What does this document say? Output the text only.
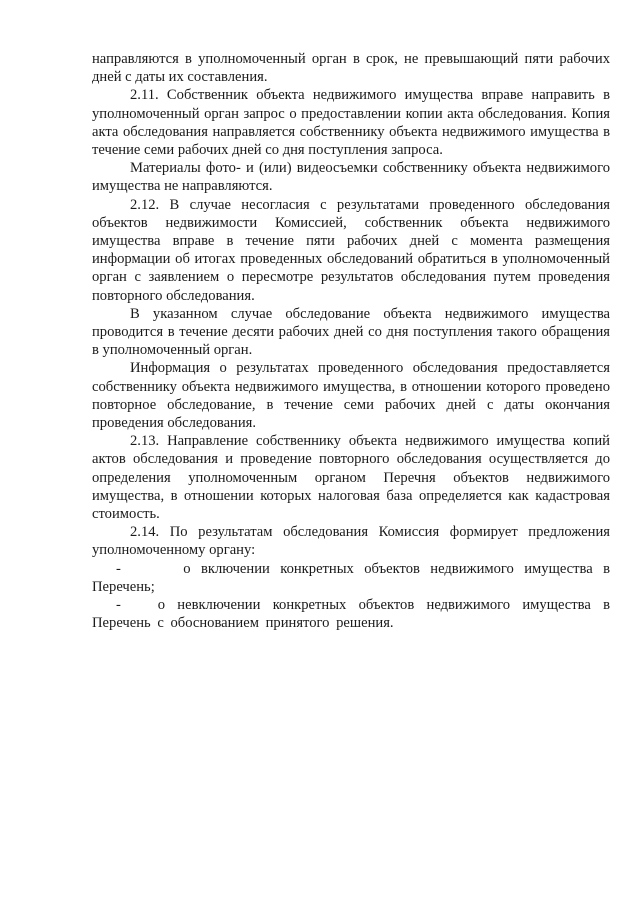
направляются в уполномоченный орган в срок, не превышающий пяти рабочих дней с даты их составления.

2.11. Собственник объекта недвижимого имущества вправе направить в уполномоченный орган запрос о предоставлении копии акта обследования. Копия акта обследования направляется собственнику объекта недвижимого имущества в течение семи рабочих дней со дня поступления запроса.

Материалы фото- и (или) видеосъемки собственнику объекта недвижимого имущества не направляются.

2.12. В случае несогласия с результатами проведенного обследования объектов недвижимости Комиссией, собственник объекта недвижимого имущества вправе в течение пяти рабочих дней с момента размещения информации об итогах проведенных обследований обратиться в уполномоченный орган с заявлением о пересмотре результатов обследования путем проведения повторного обследования.

В указанном случае обследование объекта недвижимого имущества проводится в течение десяти рабочих дней со дня поступления такого обращения в уполномоченный орган.

Информация о результатах проведенного обследования предоставляется собственнику объекта недвижимого имущества, в отношении которого проведено повторное обследование, в течение семи рабочих дней с даты окончания проведения обследования.

2.13. Направление собственнику объекта недвижимого имущества копий актов обследования и проведение повторного обследования осуществляется до определения уполномоченным органом Перечня объектов недвижимого имущества, в отношении которых налоговая база определяется как кадастровая стоимость.

2.14. По результатам обследования Комиссия формирует предложения уполномоченному органу:

-      о включении конкретных объектов недвижимого имущества в Перечень;

-   о невключении конкретных объектов недвижимого имущества в Перечень с обоснованием принятого решения.
